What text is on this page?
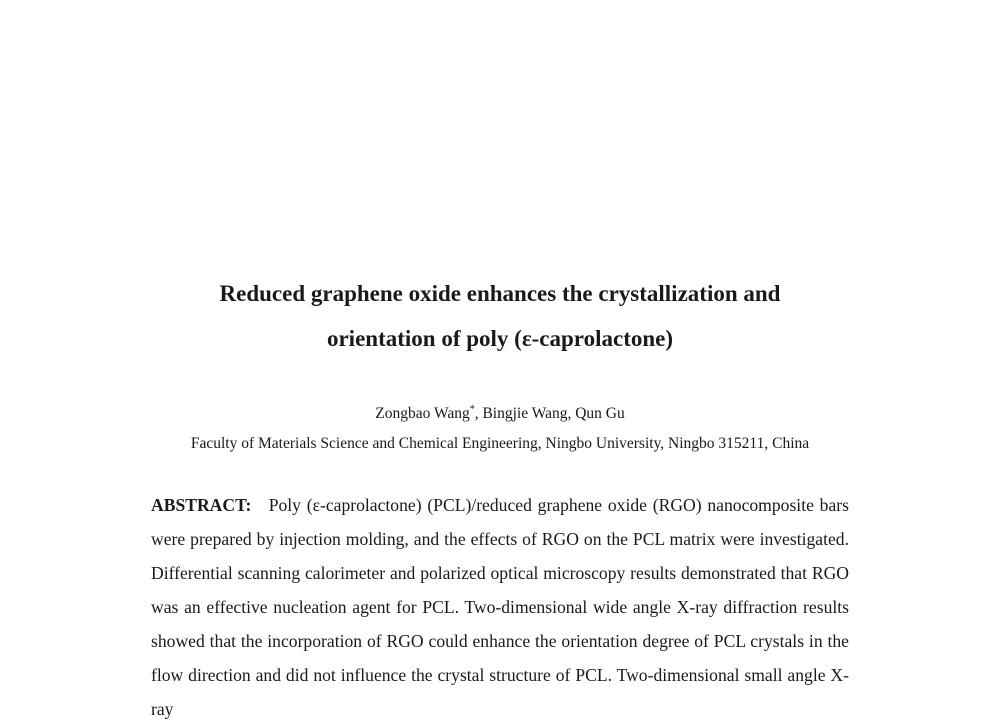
Reduced graphene oxide enhances the crystallization and
orientation of poly (ε-caprolactone)
Zongbao Wang*, Bingjie Wang, Qun Gu
Faculty of Materials Science and Chemical Engineering, Ningbo University, Ningbo 315211, China

ABSTRACT: Poly (ε-caprolactone) (PCL)/reduced graphene oxide (RGO) nanocomposite bars were prepared by injection molding, and the effects of RGO on the PCL matrix were investigated. Differential scanning calorimeter and polarized optical microscopy results demonstrated that RGO was an effective nucleation agent for PCL. Two-dimensional wide angle X-ray diffraction results showed that the incorporation of RGO could enhance the orientation degree of PCL crystals in the flow direction and did not influence the crystal structure of PCL. Two-dimensional small angle X-ray
